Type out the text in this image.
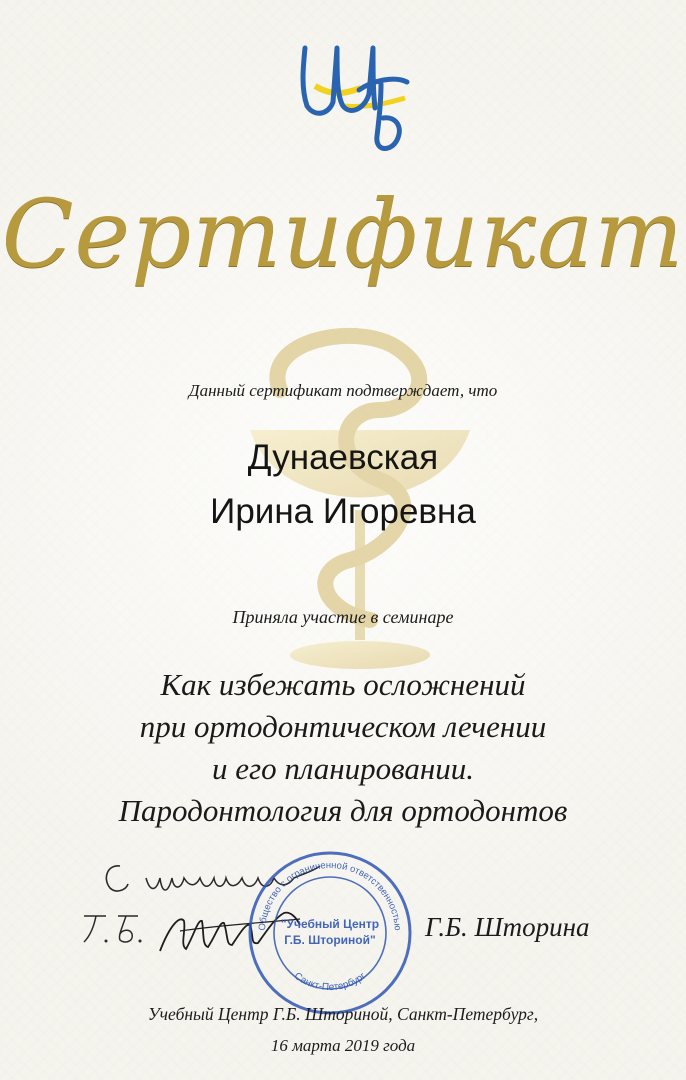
Сертификат
Данный сертификат подтверждает, что
Дунаевская
Ирина Игоревна
Приняла участие в семинаре
Как избежать осложнений
при ортодонтическом лечении
и его планировании.
Пародонтология для ортодонтов
Общество с ограниченной ответственностью
"Учебный Центр
Г.Б. Шториной"
Санкт-Петербург
Г.Б. Шторина
Учебный Центр Г.Б. Шториной, Санкт-Петербург,
16 марта 2019 года
